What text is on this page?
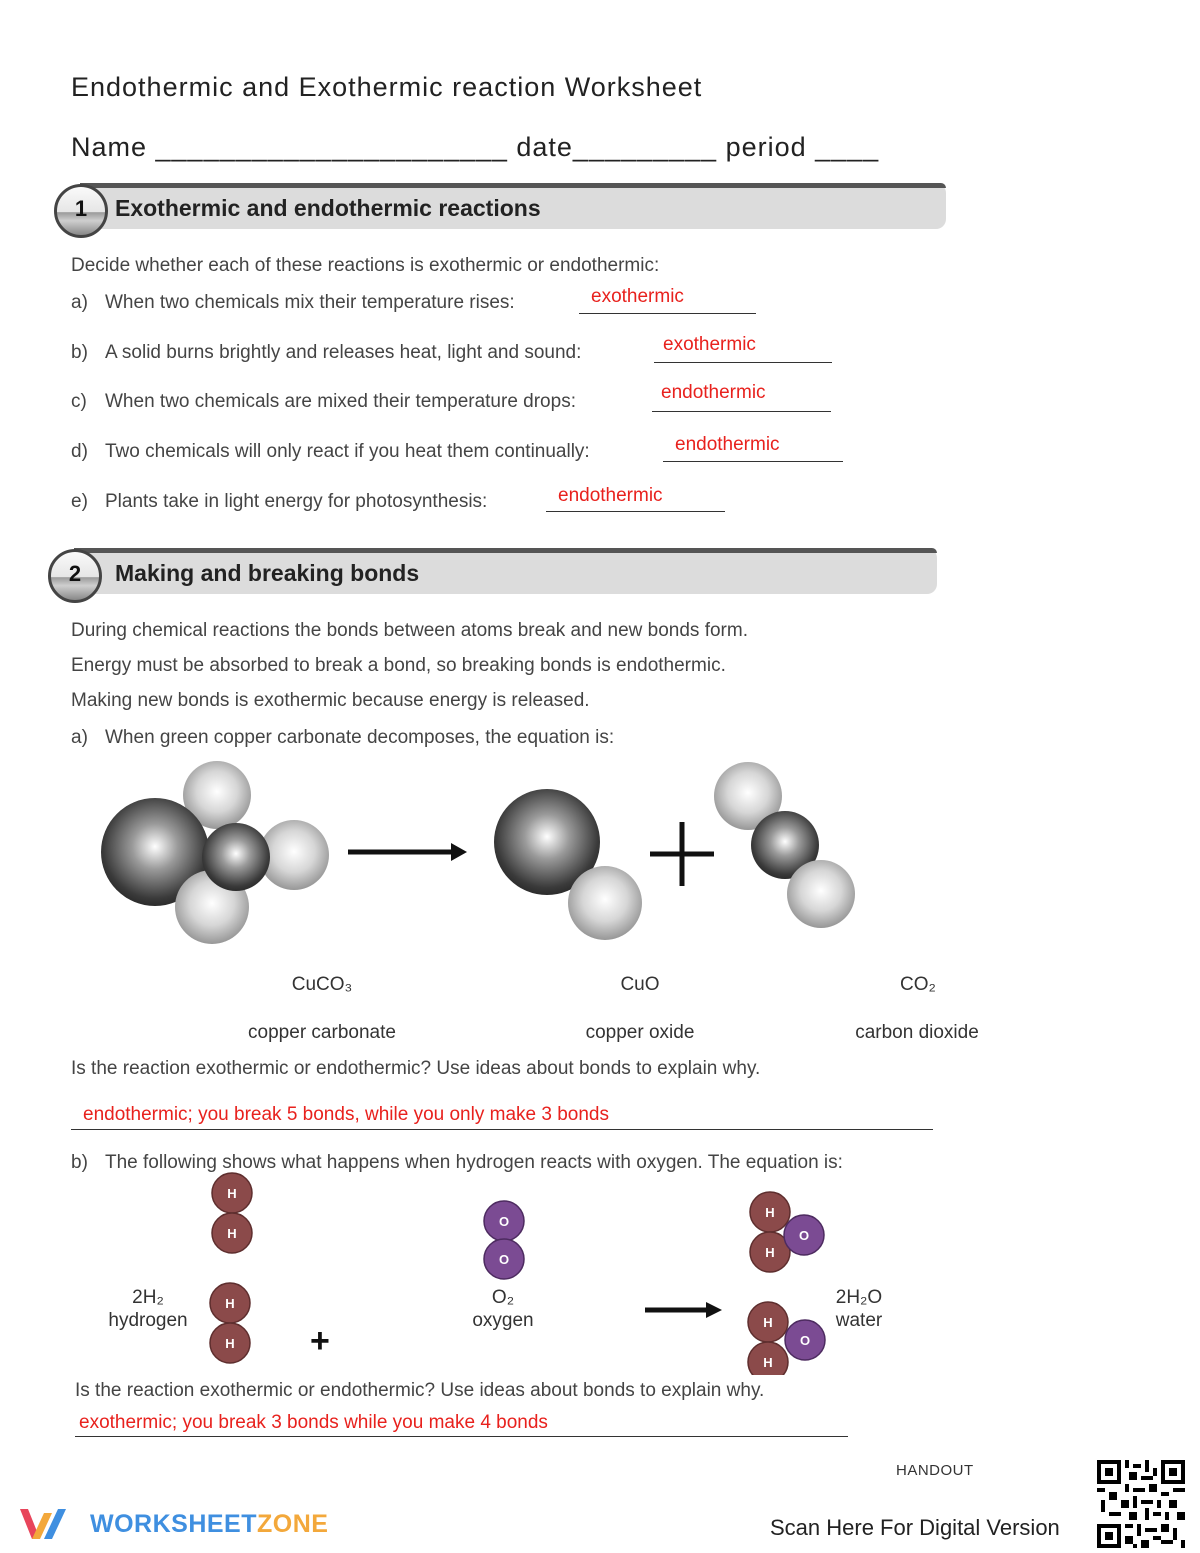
Endothermic and Exothermic reaction Worksheet
Name ______________________ date_________ period ____
Exothermic and endothermic reactions
1
Decide whether each of these reactions is exothermic or endothermic:
a) When two chemicals mix their temperature rises:	exothermic
b) A solid burns brightly and releases heat, light and sound:	exothermic
c) When two chemicals are mixed their temperature drops:	endothermic
d) Two chemicals will only react if you heat them continually:	endothermic
e) Plants take in light energy for photosynthesis:	endothermic
Making and breaking bonds
2
During chemical reactions the bonds between atoms break and new bonds form.
Energy must be absorbed to break a bond, so breaking bonds is endothermic.
Making new bonds is exothermic because energy is released.
a) When green copper carbonate decomposes, the equation is:
CuCO₃	CuO	CO₂
copper carbonate	copper oxide	carbon dioxide
Is the reaction exothermic or endothermic? Use ideas about bonds to explain why.
endothermic; you break 5 bonds, while you only make 3 bonds
b) The following shows what happens when hydrogen reacts with oxygen. The equation is:
H
H
H
H
O
O
H
H
O
H
H
O
+
2H₂
hydrogen
O₂
oxygen
2H₂O
water
Is the reaction exothermic or endothermic? Use ideas about bonds to explain why.
exothermic; you break 3 bonds while you make 4 bonds
HANDOUT
WORKSHEETZONE	Scan Here For Digital Version
